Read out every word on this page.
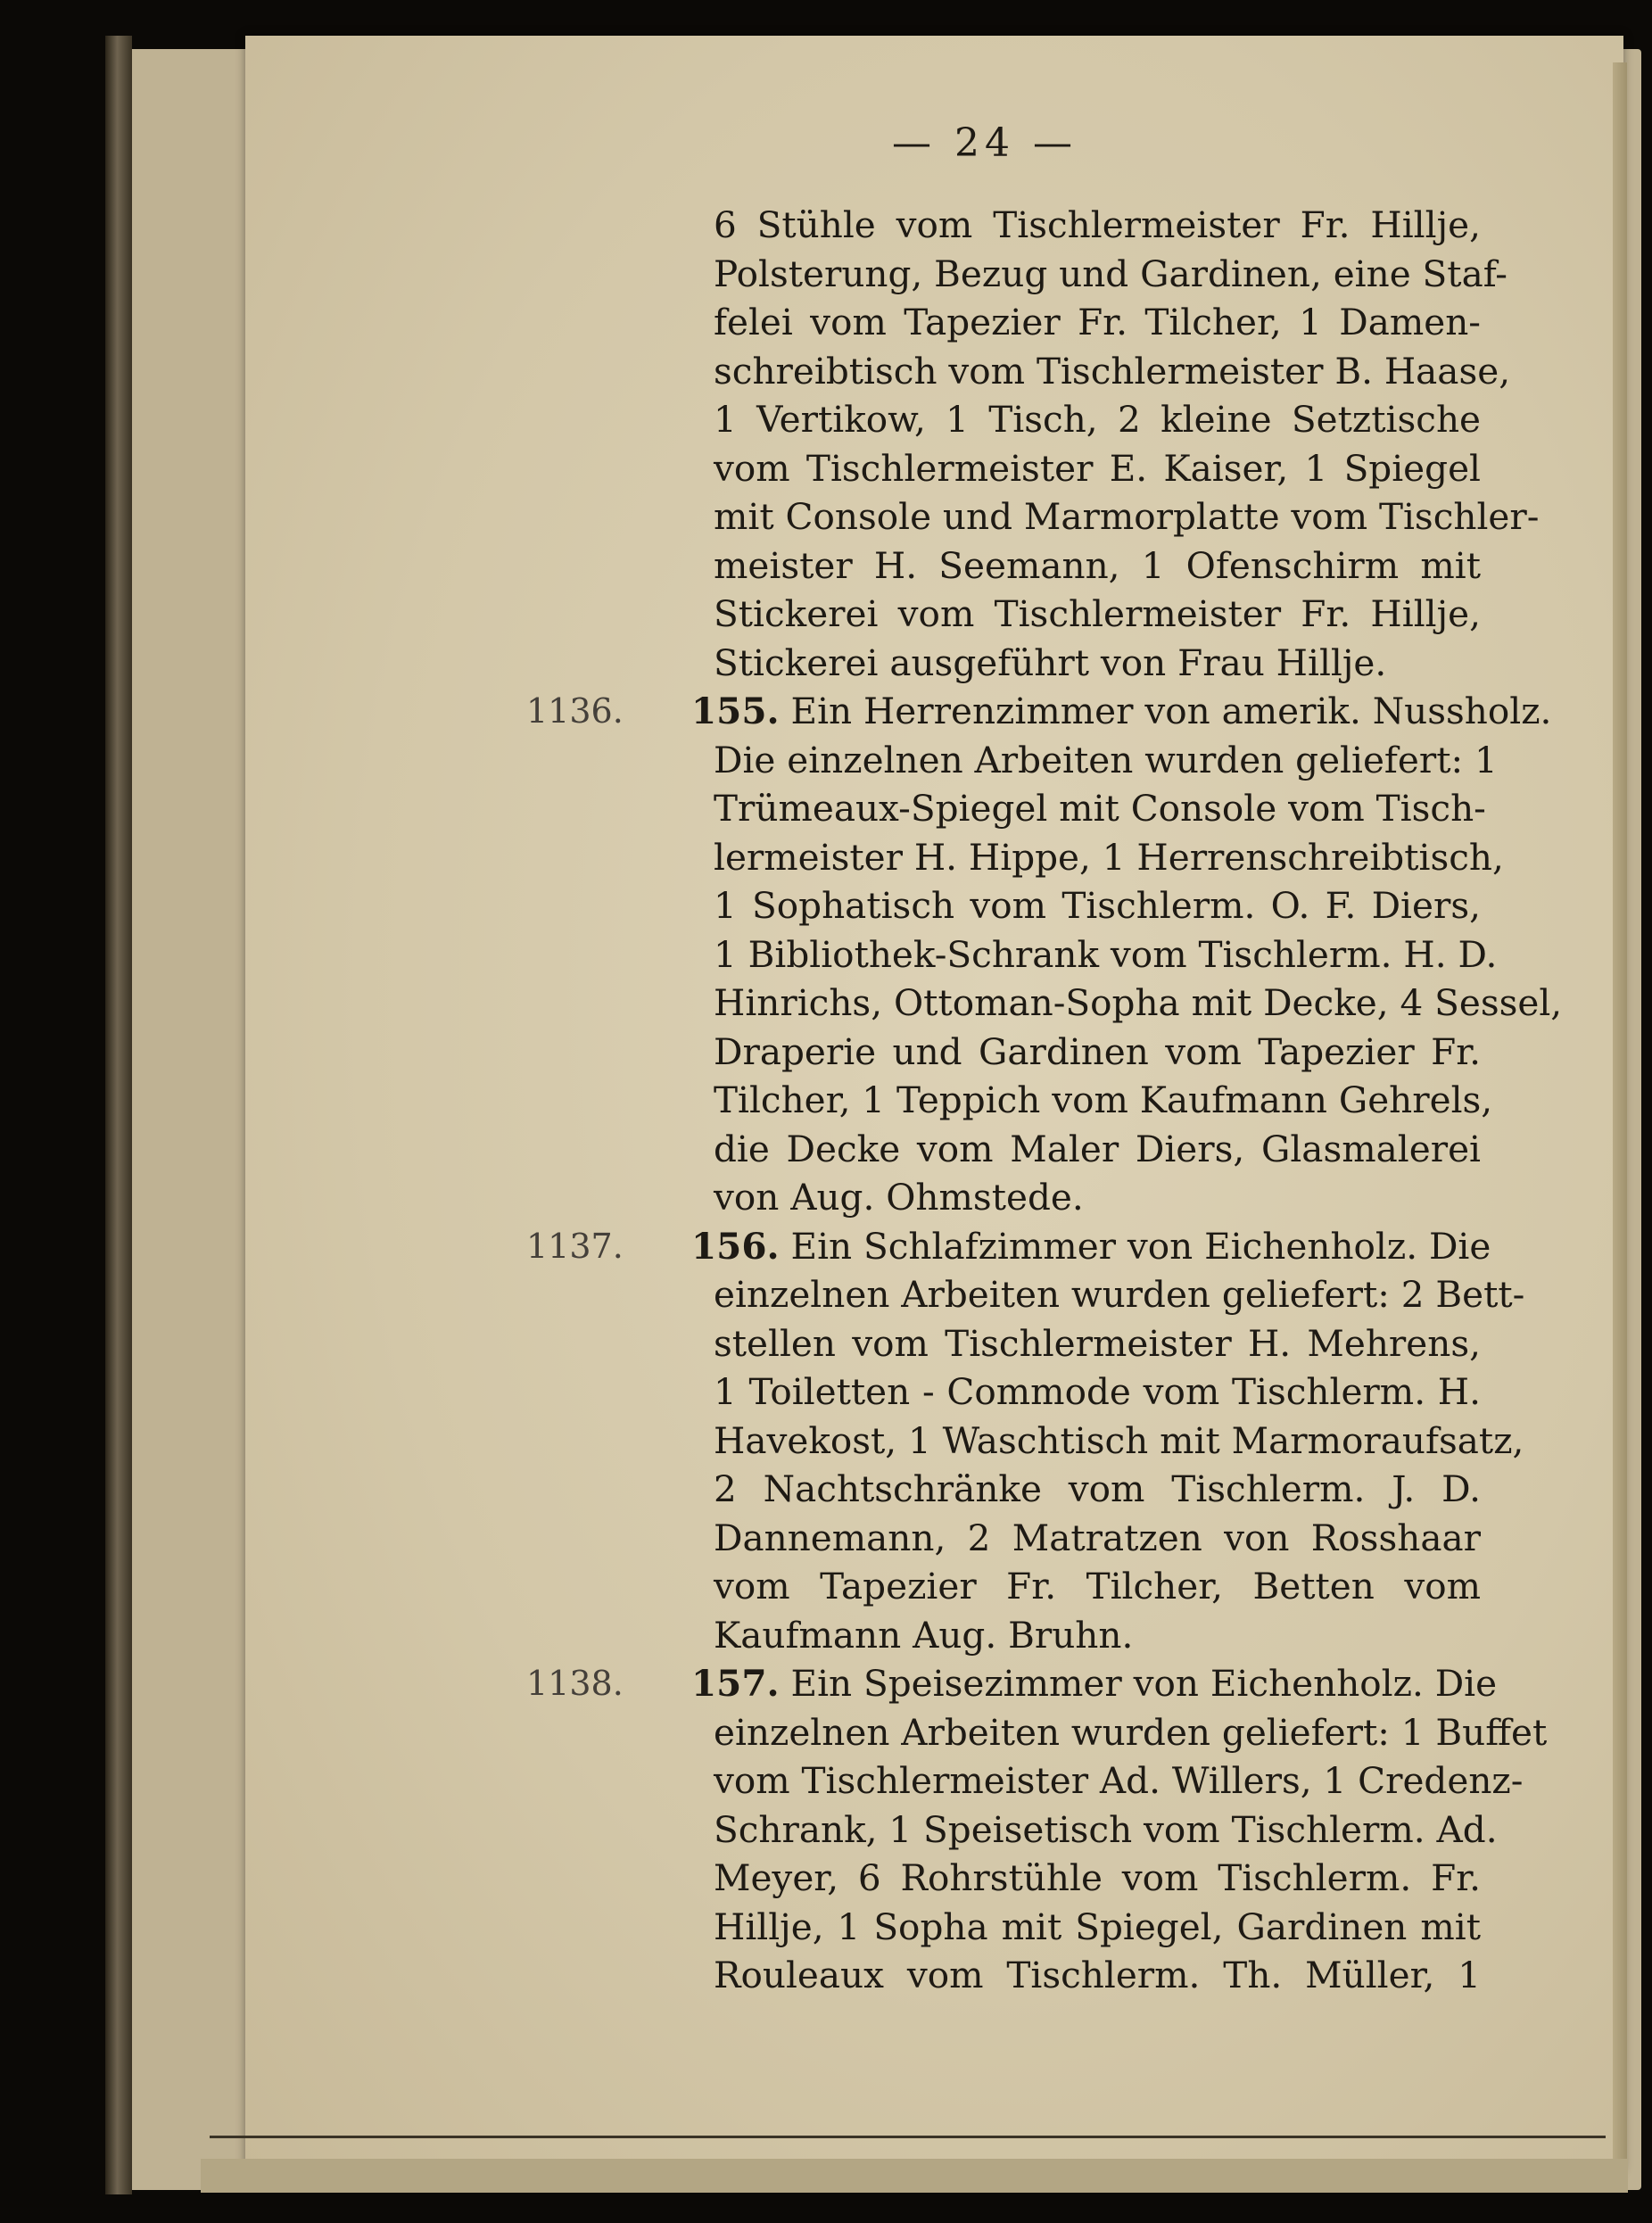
— 24 —
6 Stühle vom Tischlermeister Fr. Hillje,
Polsterung, Bezug und Gardinen, eine Staf-
felei vom Tapezier Fr. Tilcher, 1 Damen-
schreibtisch vom Tischlermeister B. Haase,
1 Vertikow, 1 Tisch, 2 kleine Setztische
vom Tischlermeister E. Kaiser, 1 Spiegel
mit Console und Marmorplatte vom Tischler-
meister H. Seemann, 1 Ofenschirm mit
Stickerei vom Tischlermeister Fr. Hillje,
Stickerei ausgeführt von Frau Hillje.
1136. 155. Ein Herrenzimmer von amerik. Nussholz.
Die einzelnen Arbeiten wurden geliefert: 1
Trümeaux-Spiegel mit Console vom Tisch-
lermeister H. Hippe, 1 Herrenschreibtisch,
1 Sophatisch vom Tischlerm. O. F. Diers,
1 Bibliothek-Schrank vom Tischlerm. H. D.
Hinrichs, Ottoman-Sopha mit Decke, 4 Sessel,
Draperie und Gardinen vom Tapezier Fr.
Tilcher, 1 Teppich vom Kaufmann Gehrels,
die Decke vom Maler Diers, Glasmalerei
von Aug. Ohmstede.
1137. 156. Ein Schlafzimmer von Eichenholz. Die
einzelnen Arbeiten wurden geliefert: 2 Bett-
stellen vom Tischlermeister H. Mehrens,
1 Toiletten - Commode vom Tischlerm. H.
Havekost, 1 Waschtisch mit Marmoraufsatz,
2 Nachtschränke vom Tischlerm. J. D.
Dannemann, 2 Matratzen von Rosshaar
vom Tapezier Fr. Tilcher, Betten vom
Kaufmann Aug. Bruhn.
1138. 157. Ein Speisezimmer von Eichenholz. Die
einzelnen Arbeiten wurden geliefert: 1 Buffet
vom Tischlermeister Ad. Willers, 1 Credenz-
Schrank, 1 Speisetisch vom Tischlerm. Ad.
Meyer, 6 Rohrstühle vom Tischlerm. Fr.
Hillje, 1 Sopha mit Spiegel, Gardinen mit
Rouleaux vom Tischlerm. Th. Müller, 1
